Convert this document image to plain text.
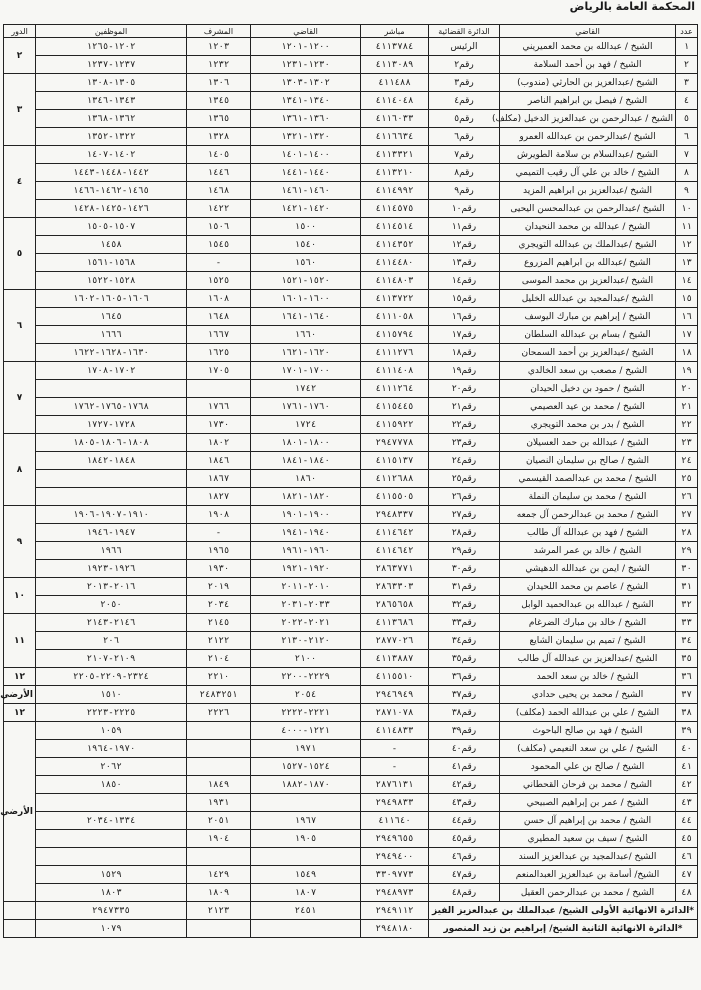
المحكمة العامة بالرياض
عدد	القاضي	الدائرة القضائية	مباشر	القاضي	المشرف	الموظفين	الدور
١	الشيخ / عبدالله بن محمد العميريني	الرئيس	٤١١٣٧٨٤	١٢٠٠-١٢٠١	١٢٠٣	١٢٠٢-١٢٦٥	٢
٢	الشيخ / فهد بن أحمد السلامة	رقم٢	٤١١٣٠٨٩	١٢٣٠-١٢٣١	١٢٣٢	١٢٣٧-١٢٣٧	
٣	الشيخ /عبدالعزيز بن الحارثي (مندوب)	رقم٣	٤١١٤٨٨	١٣٠٢-١٣٠٣	١٣٠٦	١٣٠٥-١٣٠٨	٣
٤	الشيخ / فيصل بن ابراهيم الناصر	رقم٤	٤١١٤٠٤٨	١٣٤٠-١٣٤١	١٣٤٥	١٣٤٣-١٣٤٦	
٥	الشيخ / عبدالرحمن بن عبدالعزيز الدخيل (مكلف)	رقم٥	٤١١٦٠٣٣	١٣٦٠-١٣٦١	١٣٦٥	١٣٦٢-١٣٦٨	
٦	الشيخ /عبدالرحمن بن عبدالله العمرو	رقم٦	٤١١٦٦٣٤	١٣٢٠-١٣٢١	١٣٢٨	١٣٢٢-١٣٥٢	
٧	الشيخ /عبدالسلام بن سلامة الطويرش	رقم٧	٤١١٣٣٢١	١٤٠٠-١٤٠١	١٤٠٥	١٤٠٢-١٤٠٧	٤
٨	الشيخ / خالد بن علي آل رقيب التميمي	رقم٨	٤١١٣٢١٠	١٤٤٠-١٤٤١	١٤٤٦	١٤٤٢-١٤٤٨-١٤٤٣	
٩	الشيخ /عبدالعزيز بن ابراهيم المزيد	رقم٩	٤١١٤٩٩٢	١٤٦٠-١٤٦١	١٤٦٨	١٤٦٥-١٤٦٢-١٤٦٦	
١٠	الشيخ /عبدالرحمن بن عبدالمحسن اليحيى	رقم١٠	٤١١٤٥٧٥	١٤٢٠-١٤٢١	١٤٢٢	١٤٢٦-١٤٢٥-١٤٢٨	
١١	الشيخ / عبدالله بن محمد النحيدان	رقم١١	٤١١٤٥١٤	١٥٠٠	١٥٠٦	١٥٠٧-١٥٠٥	٥
١٢	الشيخ /عبدالملك بن عبدالله التويجري	رقم١٢	٤١١٤٣٥٢	١٥٤٠	١٥٤٥	١٤٥٨	
١٣	الشيخ /عبدالله بن ابراهيم المزروع	رقم١٣	٤١١٤٤٨٠	١٥٦٠	-	١٥٦٨-١٥٦١	
١٤	الشيخ /عبدالعزيز بن محمد الموسى	رقم١٤	٤١١٤٨٠٣	١٥٢٠-١٥٢١	١٥٢٥	١٥٢٨-١٥٢٢	
١٥	الشيخ /عبدالمجيد بن عبدالله الخليل	رقم١٥	٤١١٣٧٢٢	١٦٠٠-١٦٠١	١٦٠٨	١٦٠٦-١٦٠٥-١٦٠٢	٦
١٦	الشيخ / إبراهيم بن مبارك اليوسف	رقم١٦	٤١١١٠٥٨	١٦٤٠-١٦٤١	١٦٤٨	١٦٤٥	
١٧	الشيخ / بسام بن عبدالله السلطان	رقم١٧	٤١١٥٧٩٤	١٦٦٠	١٦٦٧	١٦٦٦	
١٨	الشيخ /عبدالعزيز بن أحمد السمحان	رقم١٨	٤١١١٢٧٦	١٦٢٠-١٦٢١	١٦٢٥	١٦٣٠-١٦٢٨-١٦٢٢	
١٩	الشيخ / مصعب بن سعد الخالدي	رقم١٩	٤١١١٤٠٨	١٧٠٠-١٧٠١	١٧٠٥	١٧٠٢-١٧٠٨	٧
٢٠	الشيخ / حمود بن دخيل الحيدان	رقم٢٠	٤١١١٢٦٤	١٧٤٢			
٢١	الشيخ / محمد بن عيد العصيمي	رقم٢١	٤١١٥٤٤٥	١٧٦٠-١٧٦١	١٧٦٦	١٧٦٨-١٧٦٥-١٧٦٢	
٢٢	الشيخ / بدر بن محمد التويجري	رقم٢٢	٤١١٥٩٢٢	١٧٢٤	١٧٣٠	١٧٢٨-١٧٢٧	
٢٣	الشيخ / عبدالله بن حمد العسيلان	رقم٢٣	٢٩٤٧٧٧٨	١٨٠٠-١٨٠١	١٨٠٢	١٨٠٨-١٨٠٦-١٨٠٥	٨
٢٤	الشيخ / صالح بن سليمان النصيان	رقم٢٤	٤١١٥١٣٧	١٨٤٠-١٨٤١	١٨٤٦	١٨٤٨-١٨٤٢	
٢٥	الشيخ / محمد بن عبدالصمد القيسمي	رقم٢٥	٤١١٢٦٨٨	١٨٦٠	١٨٦٧		
٢٦	الشيخ / محمد بن سليمان النملة	رقم٢٦	٤١١٥٥٠٥	١٨٢٠-١٨٢١	١٨٢٧		
٢٧	الشيخ / محمد بن عبدالرحمن آل جمعه	رقم٢٧	٢٩٤٨٣٣٧	١٩٠٠-١٩٠١	١٩٠٨	١٩١٠-١٩٠٧-١٩٠٦	٩
٢٨	الشيخ / فهد بن عبدالله آل طالب	رقم٢٨	٤١١٤٦٤٢	١٩٤٠-١٩٤١	-	١٩٤٧-١٩٤٦	
٢٩	الشيخ / خالد بن عمر المرشد	رقم٢٩	٤١١٤٦٤٢	١٩٦٠-١٩٦١	١٩٦٥	١٩٦٦	
٣٠	الشيخ / ايمن بن عبدالله الدهيشي	رقم٣٠	٢٨٦٣٧٧١	١٩٢٠-١٩٢١	١٩٣٠	١٩٢٦-١٩٢٣	
٣١	الشيخ / عاصم بن محمد اللحيدان	رقم٣١	٢٨٦٣٣٠٣	٢٠١٠-٢٠١١	٢٠١٩	٢٠١٦-٢٠١٣	١٠
٣٢	الشيخ / عبدالله بن عبدالحميد الوابل	رقم٣٢	٢٨٦٥٦٥٨	٢٠٣٣-٢٠٣١	٢٠٣٤	٢٠٥٠	
٣٣	الشيخ / خالد بن مبارك الضرغام	رقم٣٣	٤١١٣٦٨٦	٢٠٢١-٢٠٢٢	٢١٤٥	٢١٤٦-٢١٤٣	١١
٣٤	الشيخ / تميم بن سليمان الشايع	رقم٣٤	٢٨٧٧٠٢٦	٢١٢٠-٢١٣٠	٢١٢٢	٢٠٦	
٣٥	الشيخ /عبدالعزيز بن عبدالله آل طالب	رقم٣٥	٤١١٣٨٨٧	٢١٠٠	٢١٠٤	٢١٠٩-٢١٠٧	
٣٦	الشيخ / خالد بن سعد الحمد	رقم٣٦	٤١١٥٥١٠	٢٢٢٩-٢٢٠٠	٢٢١٠	٢٣٢٤-٢٢٠٩-٢٢٠٥	١٢
٣٧	الشيخ / محمد بن يحيى حدادي	رقم٣٧	٢٩٤٦٩٤٩	٢٠٥٤	٢٤٨٣٢٥١	١٥١٠	الأرضي
٣٨	الشيخ / علي بن عبدالله الحمد (مكلف)	رقم٣٨	٢٨٧١٠٧٨	٢٢٢١-٢٢٢٢	٢٢٢٦	٢٢٢٥-٢٢٢٣	١٢
٣٩	الشيخ / فهد بن صالح الباحوث	رقم٣٩	٤١١٤٨٣٣	١٢٢١-٤٠٠٠		١٠٥٩	الأرضي
٤٠	الشيخ / علي بن سعد النعيمي (مكلف)	رقم٤٠	-	١٩٧١		١٩٧٠-١٩٦٤	
٤١	الشيخ / صالح بن علي المحمود	رقم٤١	-	١٥٢٤-١٥٢٧		٢٠٦٢	
٤٢	الشيخ / محمد بن فرحان القحطاني	رقم٤٢	٢٨٧٦١٣١	١٨٧٠-١٨٨٢	١٨٤٩	١٨٥٠	
٤٣	الشيخ / عمر بن إبراهيم الصبيحي	رقم٤٣	٢٩٤٩٨٣٣		١٩٣١		
٤٤	الشيخ / محمد بن إبراهيم آل حسن	رقم٤٤	٤١١٦٤٠	١٩٦٧	٢٠٥١	١٣٣٤-٢٠٣٤	
٤٥	الشيخ / سيف بن سعيد المطيري	رقم٤٥	٢٩٤٩٦٥٥	١٩٠٥	١٩٠٤		
٤٦	الشيخ /عبدالمجيد بن عبدالعزيز السند	رقم٤٦	٢٩٤٩٤٠٠				
٤٧	الشيخ/ أسامة بن عبدالعزيز العبدالمنعم	رقم٤٧	٣٣٠٩٧٧٣	١٥٤٩	١٤٢٩	١٥٢٩	
٤٨	الشيخ / محمد بن عبدالرحمن العقيل	رقم٤٨	٢٩٤٨٩٧٣	١٨٠٧	١٨٠٩	١٨٠٣	
*الدائرة الانهائية الأولى الشيخ/ عبدالملك بن عبدالعزيز الفيز			٢٩٤٩١١٢	٢٤٥١	٢١٢٣	٢٩٤٧٣٣٥	
*الدائرة الانهائية الثانية الشيخ/ إبراهيم بن زيد المنصور			٢٩٤٨١٨٠			١٠٧٩	
